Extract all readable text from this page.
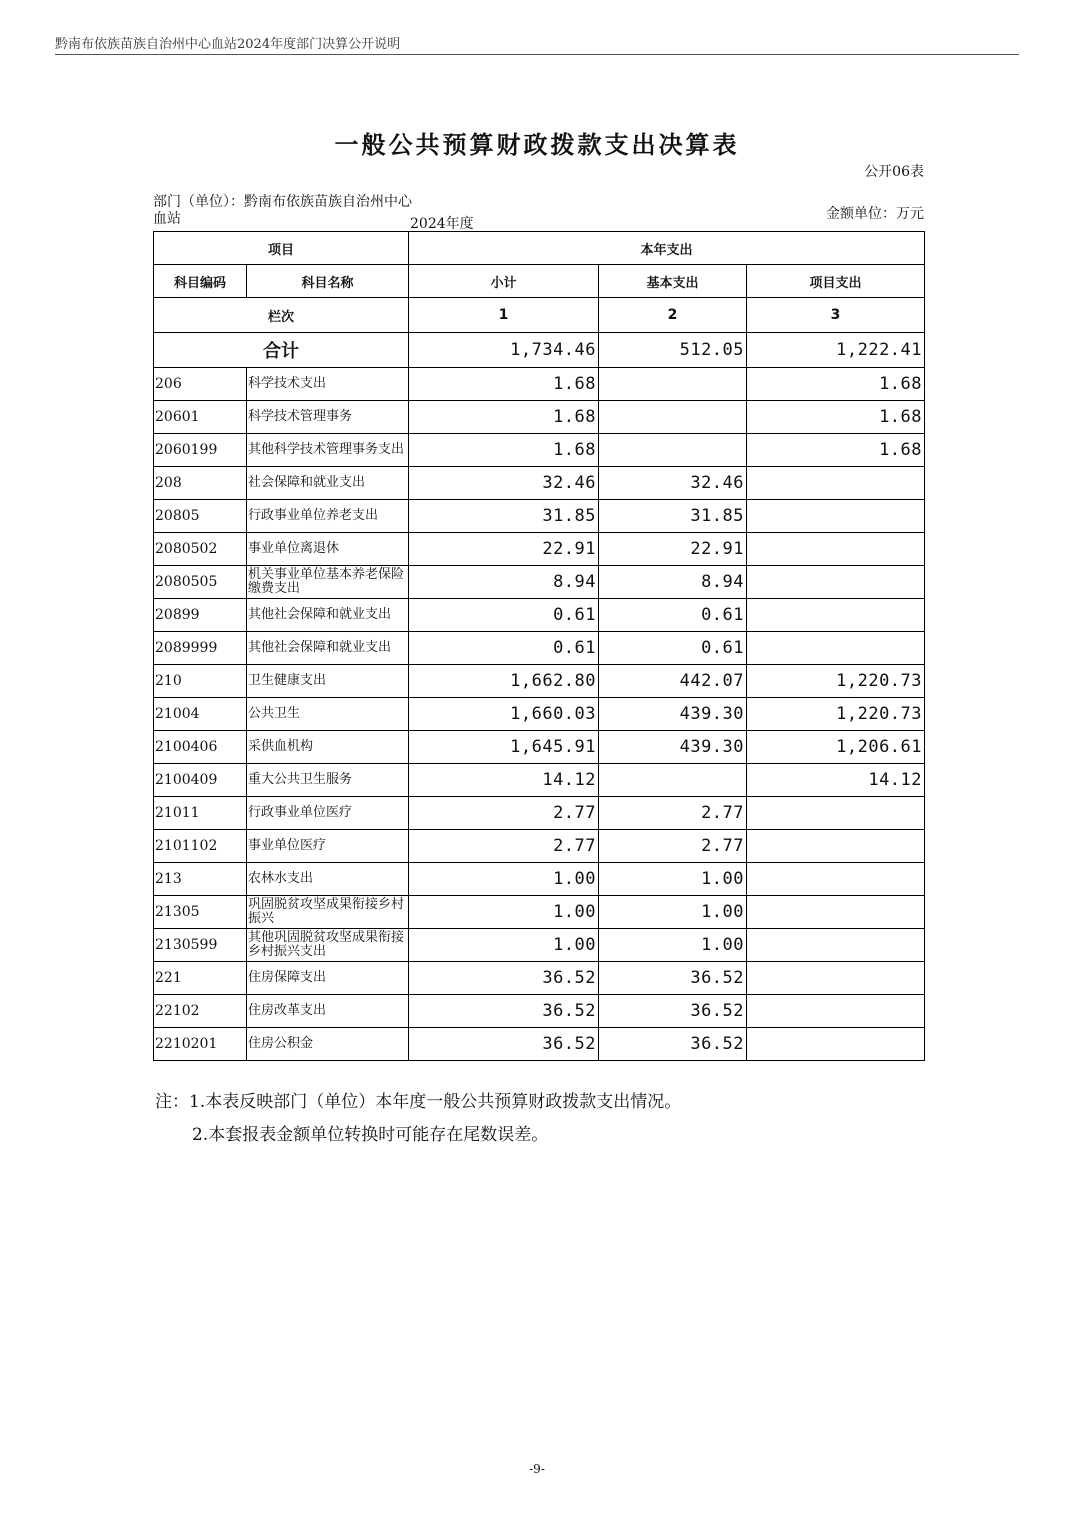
黔南布依族苗族自治州中心血站2024年度部门决算公开说明
一般公共预算财政拨款支出决算表
公开06表
部门（单位）：黔南布依族苗族自治州中心血站	2024年度
金额单位：万元
项目		本年支出		
科目编码	科目名称	小计	基本支出	项目支出
栏次		1	2	3
合计		1,734.46	512.05	1,222.41
206	科学技术支出	1.68		1.68
20601	科学技术管理事务	1.68		1.68
2060199	其他科学技术管理事务支出	1.68		1.68
208	社会保障和就业支出	32.46	32.46	
20805	行政事业单位养老支出	31.85	31.85	
2080502	事业单位离退休	22.91	22.91	
2080505	机关事业单位基本养老保险缴费支出	8.94	8.94	
20899	其他社会保障和就业支出	0.61	0.61	
2089999	其他社会保障和就业支出	0.61	0.61	
210	卫生健康支出	1,662.80	442.07	1,220.73
21004	公共卫生	1,660.03	439.30	1,220.73
2100406	采供血机构	1,645.91	439.30	1,206.61
2100409	重大公共卫生服务	14.12		14.12
21011	行政事业单位医疗	2.77	2.77	
2101102	事业单位医疗	2.77	2.77	
213	农林水支出	1.00	1.00	
21305	巩固脱贫攻坚成果衔接乡村振兴	1.00	1.00	
2130599	其他巩固脱贫攻坚成果衔接乡村振兴支出	1.00	1.00	
221	住房保障支出	36.52	36.52	
22102	住房改革支出	36.52	36.52	
2210201	住房公积金	36.52	36.52	
注：1.本表反映部门（单位）本年度一般公共预算财政拨款支出情况。
2.本套报表金额单位转换时可能存在尾数误差。
-9-
